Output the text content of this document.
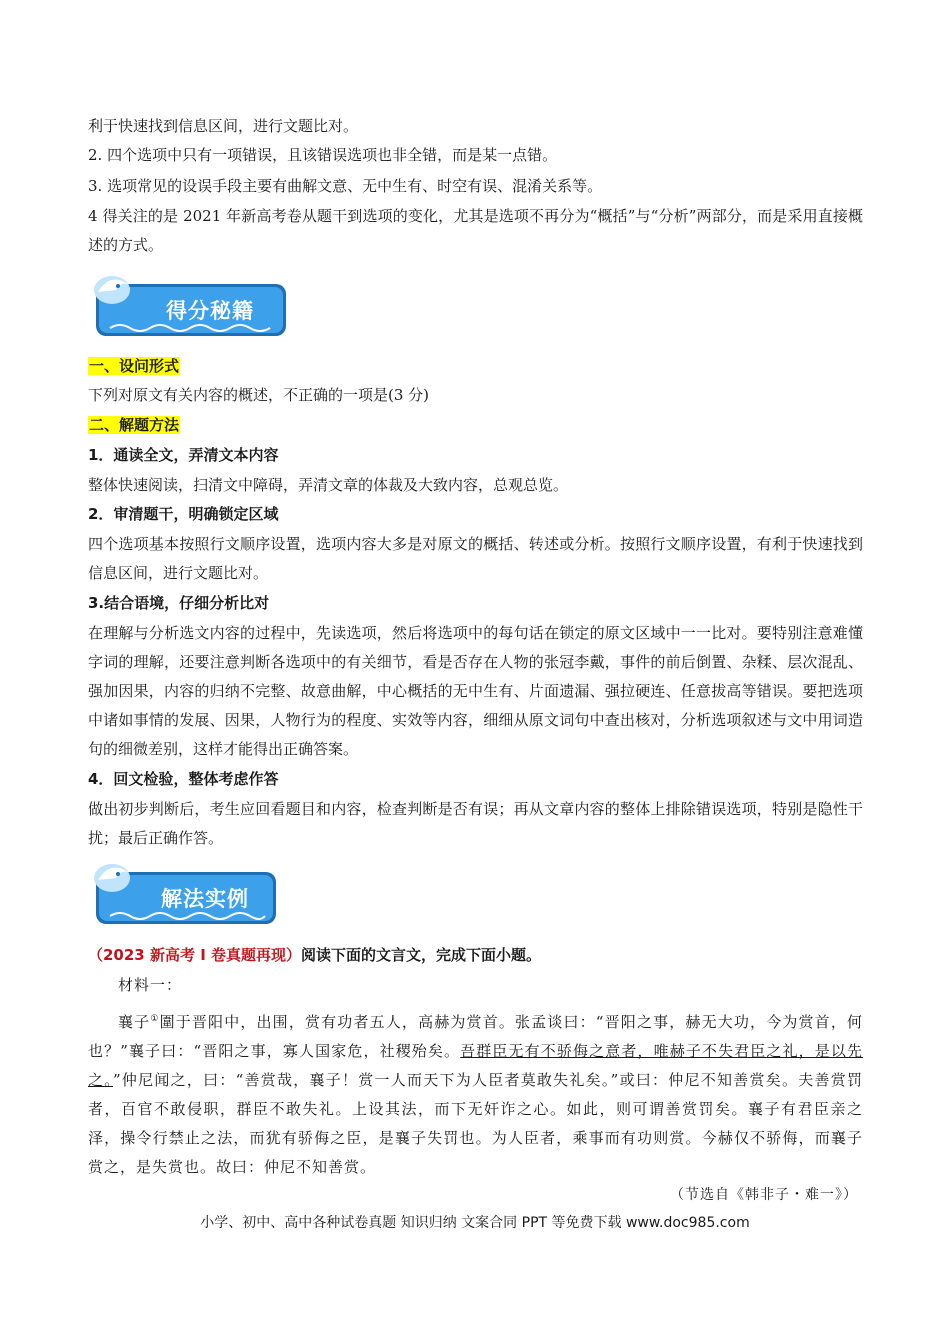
利于快速找到信息区间，进行文题比对。

2. 四个选项中只有一项错误，且该错误选项也非全错，而是某一点错。

3. 选项常见的设误手段主要有曲解文意、无中生有、时空有误、混淆关系等。

4 得关注的是 2021 年新高考卷从题干到选项的变化，尤其是选项不再分为“概括”与“分析”两部分，而是采用直接概述的方式。

得分秘籍

一、设问形式

下列对原文有关内容的概述，不正确的一项是(3 分)

二、解题方法

1．通读全文，弄清文本内容

整体快速阅读，扫清文中障碍，弄清文章的体裁及大致内容，总观总览。

2．审清题干，明确锁定区域

四个选项基本按照行文顺序设置，选项内容大多是对原文的概括、转述或分析。按照行文顺序设置，有利于快速找到信息区间，进行文题比对。

3.结合语境，仔细分析比对

在理解与分析选文内容的过程中，先读选项，然后将选项中的每句话在锁定的原文区域中一一比对。要特别注意难懂字词的理解，还要注意判断各选项中的有关细节，看是否存在人物的张冠李戴，事件的前后倒置、杂糅、层次混乱、强加因果，内容的归纳不完整、故意曲解，中心概括的无中生有、片面遗漏、强拉硬连、任意拔高等错误。要把选项中诸如事情的发展、因果，人物行为的程度、实效等内容，细细从原文词句中查出核对，分析选项叙述与文中用词造句的细微差别，这样才能得出正确答案。

4．回文检验，整体考虑作答

做出初步判断后，考生应回看题目和内容，检查判断是否有误；再从文章内容的整体上排除错误选项，特别是隐性干扰；最后正确作答。

解法实例

（2023 新高考 I 卷真题再现）阅读下面的文言文，完成下面小题。

材料一：

襄子①圍于晋阳中，出围，赏有功者五人，高赫为赏首。张孟谈曰：“晋阳之事，赫无大功，今为赏首，何也？”襄子曰：“晋阳之事，寡人国家危，社稷殆矣。吾群臣无有不骄侮之意者，唯赫子不失君臣之礼，是以先之。”仲尼闻之，曰：“善赏哉，襄子！赏一人而天下为人臣者莫敢失礼矣。”或曰：仲尼不知善赏矣。夫善赏罚者，百官不敢侵职，群臣不敢失礼。上设其法，而下无奸诈之心。如此，则可谓善赏罚矣。襄子有君臣亲之泽，操令行禁止之法，而犹有骄侮之臣，是襄子失罚也。为人臣者，乘事而有功则赏。今赫仅不骄侮，而襄子赏之，是失赏也。故曰：仲尼不知善赏。

（节选自《韩非子・难一》）
小学、初中、高中各种试卷真题 知识归纳 文案合同 PPT 等免费下载 www.doc985.com
